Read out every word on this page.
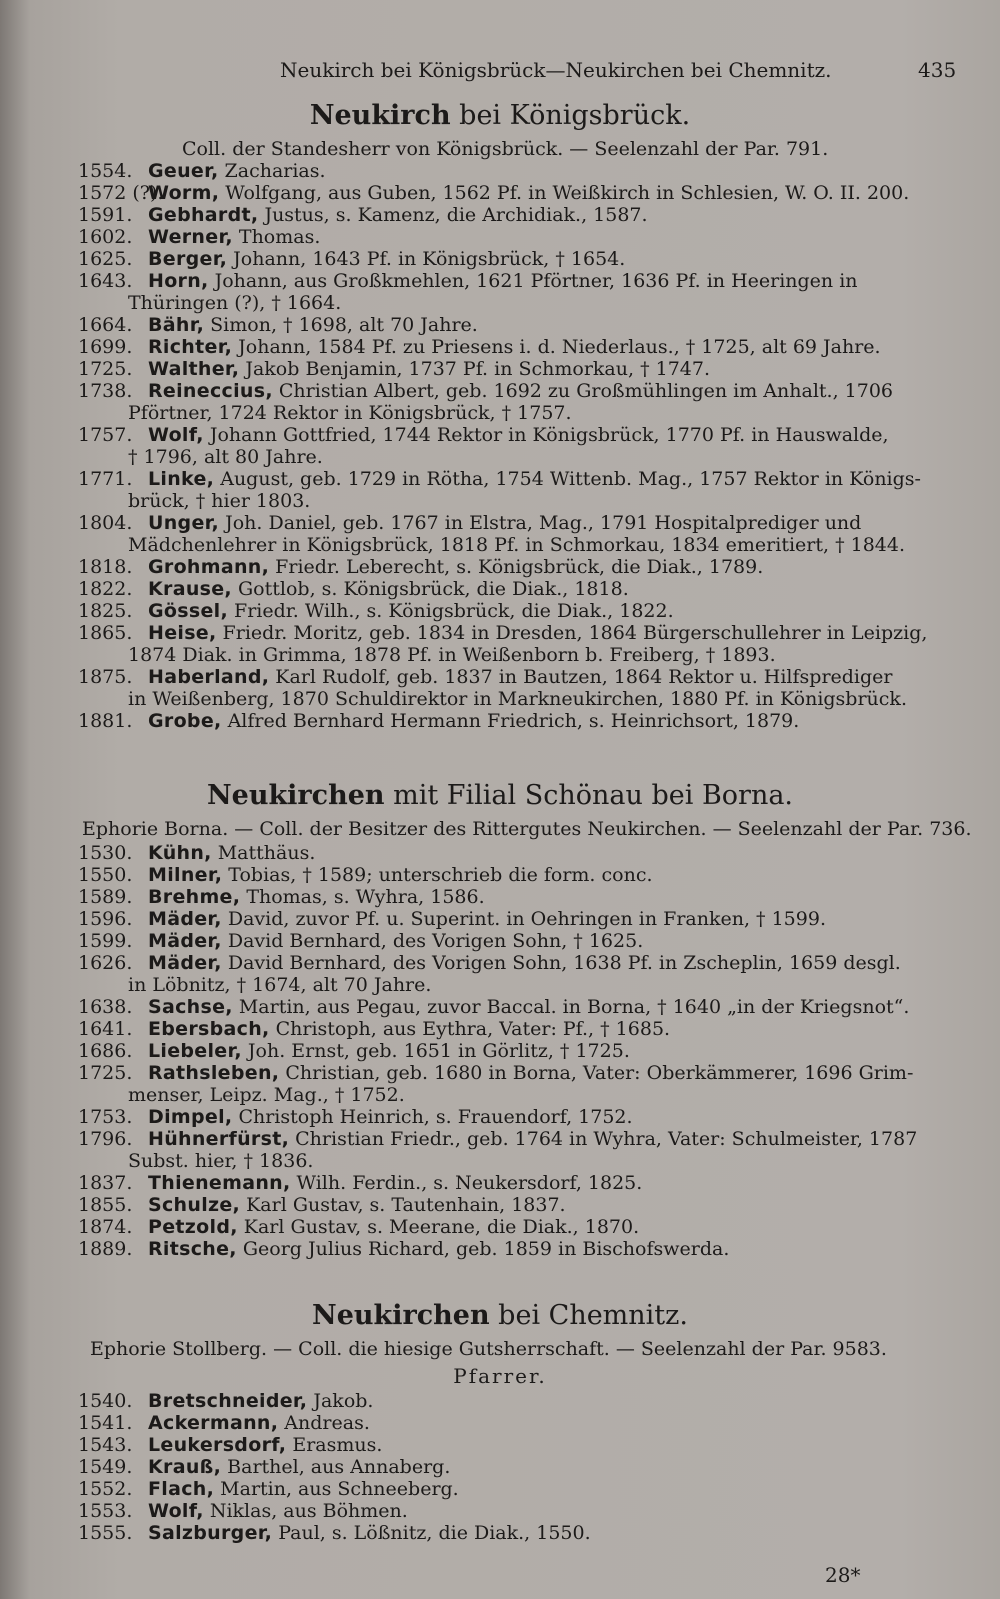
Neukirch bei Königsbrück—Neukirchen bei Chemnitz.	435
Neukirch bei Königsbrück.
Coll. der Standesherr von Königsbrück. — Seelenzahl der Par. 791.
1554. Geuer, Zacharias.
1572 (?).Worm, Wolfgang, aus Guben, 1562 Pf. in Weißkirch in Schlesien, W. O. II. 200.
1591. Gebhardt, Justus, s. Kamenz, die Archidiak., 1587.
1602. Werner, Thomas.
1625. Berger, Johann, 1643 Pf. in Königsbrück, † 1654.
1643. Horn, Johann, aus Großkmehlen, 1621 Pförtner, 1636 Pf. in Heeringen in
Thüringen (?), † 1664.
1664. Bähr, Simon, † 1698, alt 70 Jahre.
1699. Richter, Johann, 1584 Pf. zu Priesens i. d. Niederlaus., † 1725, alt 69 Jahre.
1725. Walther, Jakob Benjamin, 1737 Pf. in Schmorkau, † 1747.
1738. Reineccius, Christian Albert, geb. 1692 zu Großmühlingen im Anhalt., 1706
Pförtner, 1724 Rektor in Königsbrück, † 1757.
1757. Wolf, Johann Gottfried, 1744 Rektor in Königsbrück, 1770 Pf. in Hauswalde,
† 1796, alt 80 Jahre.
1771. Linke, August, geb. 1729 in Rötha, 1754 Wittenb. Mag., 1757 Rektor in Königs-
brück, † hier 1803.
1804. Unger, Joh. Daniel, geb. 1767 in Elstra, Mag., 1791 Hospitalprediger und
Mädchenlehrer in Königsbrück, 1818 Pf. in Schmorkau, 1834 emeritiert, † 1844.
1818. Grohmann, Friedr. Leberecht, s. Königsbrück, die Diak., 1789.
1822. Krause, Gottlob, s. Königsbrück, die Diak., 1818.
1825. Gössel, Friedr. Wilh., s. Königsbrück, die Diak., 1822.
1865. Heise, Friedr. Moritz, geb. 1834 in Dresden, 1864 Bürgerschullehrer in Leipzig,
1874 Diak. in Grimma, 1878 Pf. in Weißenborn b. Freiberg, † 1893.
1875. Haberland, Karl Rudolf, geb. 1837 in Bautzen, 1864 Rektor u. Hilfsprediger
in Weißenberg, 1870 Schuldirektor in Markneukirchen, 1880 Pf. in Königsbrück.
1881. Grobe, Alfred Bernhard Hermann Friedrich, s. Heinrichsort, 1879.
Neukirchen mit Filial Schönau bei Borna.
Ephorie Borna. — Coll. der Besitzer des Rittergutes Neukirchen. — Seelenzahl der Par. 736.
1530. Kühn, Matthäus.
1550. Milner, Tobias, † 1589; unterschrieb die form. conc.
1589. Brehme, Thomas, s. Wyhra, 1586.
1596. Mäder, David, zuvor Pf. u. Superint. in Oehringen in Franken, † 1599.
1599. Mäder, David Bernhard, des Vorigen Sohn, † 1625.
1626. Mäder, David Bernhard, des Vorigen Sohn, 1638 Pf. in Zscheplin, 1659 desgl.
in Löbnitz, † 1674, alt 70 Jahre.
1638. Sachse, Martin, aus Pegau, zuvor Baccal. in Borna, † 1640 „in der Kriegsnot“.
1641. Ebersbach, Christoph, aus Eythra, Vater: Pf., † 1685.
1686. Liebeler, Joh. Ernst, geb. 1651 in Görlitz, † 1725.
1725. Rathsleben, Christian, geb. 1680 in Borna, Vater: Oberkämmerer, 1696 Grim-
menser, Leipz. Mag., † 1752.
1753. Dimpel, Christoph Heinrich, s. Frauendorf, 1752.
1796. Hühnerfürst, Christian Friedr., geb. 1764 in Wyhra, Vater: Schulmeister, 1787
Subst. hier, † 1836.
1837. Thienemann, Wilh. Ferdin., s. Neukersdorf, 1825.
1855. Schulze, Karl Gustav, s. Tautenhain, 1837.
1874. Petzold, Karl Gustav, s. Meerane, die Diak., 1870.
1889. Ritsche, Georg Julius Richard, geb. 1859 in Bischofswerda.
Neukirchen bei Chemnitz.
Ephorie Stollberg. — Coll. die hiesige Gutsherrschaft. — Seelenzahl der Par. 9583.
Pfarrer.
1540. Bretschneider, Jakob.
1541. Ackermann, Andreas.
1543. Leukersdorf, Erasmus.
1549. Krauß, Barthel, aus Annaberg.
1552. Flach, Martin, aus Schneeberg.
1553. Wolf, Niklas, aus Böhmen.
1555. Salzburger, Paul, s. Lößnitz, die Diak., 1550.
28*
